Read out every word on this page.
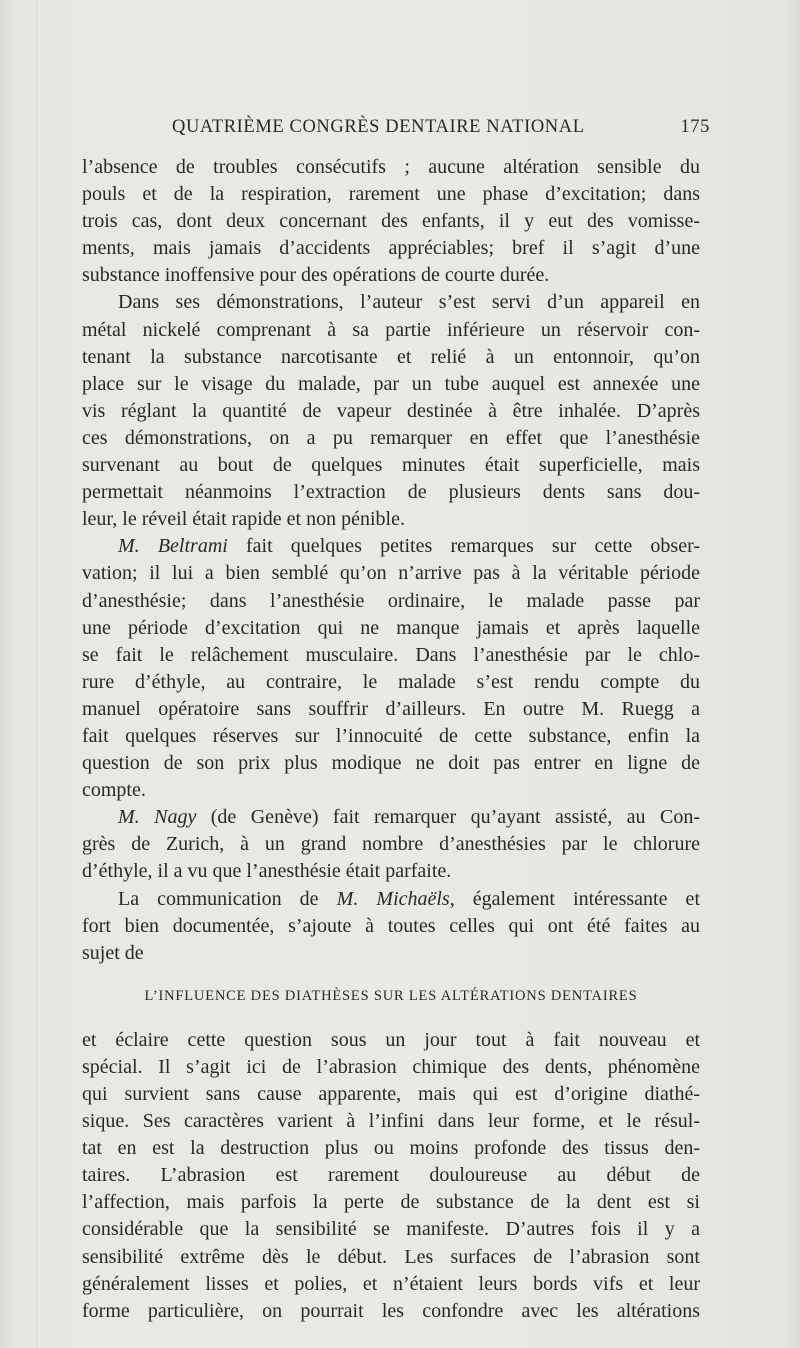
QUATRIÈME CONGRÈS DENTAIRE NATIONAL	175
l’absence de troubles consécutifs ; aucune altération sensible du
pouls et de la respiration, rarement une phase d’excitation; dans
trois cas, dont deux concernant des enfants, il y eut des vomisse-
ments, mais jamais d’accidents appréciables; bref il s’agit d’une
substance inoffensive pour des opérations de courte durée.
Dans ses démonstrations, l’auteur s’est servi d’un appareil en
métal nickelé comprenant à sa partie inférieure un réservoir con-
tenant la substance narcotisante et relié à un entonnoir, qu’on
place sur le visage du malade, par un tube auquel est annexée une
vis réglant la quantité de vapeur destinée à être inhalée. D’après
ces démonstrations, on a pu remarquer en effet que l’anesthésie
survenant au bout de quelques minutes était superficielle, mais
permettait néanmoins l’extraction de plusieurs dents sans dou-
leur, le réveil était rapide et non pénible.
M. Beltrami fait quelques petites remarques sur cette obser-
vation; il lui a bien semblé qu’on n’arrive pas à la véritable période
d’anesthésie; dans l’anesthésie ordinaire, le malade passe par
une période d’excitation qui ne manque jamais et après laquelle
se fait le relâchement musculaire. Dans l’anesthésie par le chlo-
rure d’éthyle, au contraire, le malade s’est rendu compte du
manuel opératoire sans souffrir d’ailleurs. En outre M. Ruegg a
fait quelques réserves sur l’innocuité de cette substance, enfin la
question de son prix plus modique ne doit pas entrer en ligne de
compte.
M. Nagy (de Genève) fait remarquer qu’ayant assisté, au Con-
grès de Zurich, à un grand nombre d’anesthésies par le chlorure
d’éthyle, il a vu que l’anesthésie était parfaite.
La communication de M. Michaëls, également intéressante et
fort bien documentée, s’ajoute à toutes celles qui ont été faites au
sujet de
L’INFLUENCE DES DIATHÈSES SUR LES ALTÉRATIONS DENTAIRES
et éclaire cette question sous un jour tout à fait nouveau et
spécial. Il s’agit ici de l’abrasion chimique des dents, phénomène
qui survient sans cause apparente, mais qui est d’origine diathé-
sique. Ses caractères varient à l’infini dans leur forme, et le résul-
tat en est la destruction plus ou moins profonde des tissus den-
taires. L’abrasion est rarement douloureuse au début de
l’affection, mais parfois la perte de substance de la dent est si
considérable que la sensibilité se manifeste. D’autres fois il y a
sensibilité extrême dès le début. Les surfaces de l’abrasion sont
généralement lisses et polies, et n’étaient leurs bords vifs et leur
forme particulière, on pourrait les confondre avec les altérations
